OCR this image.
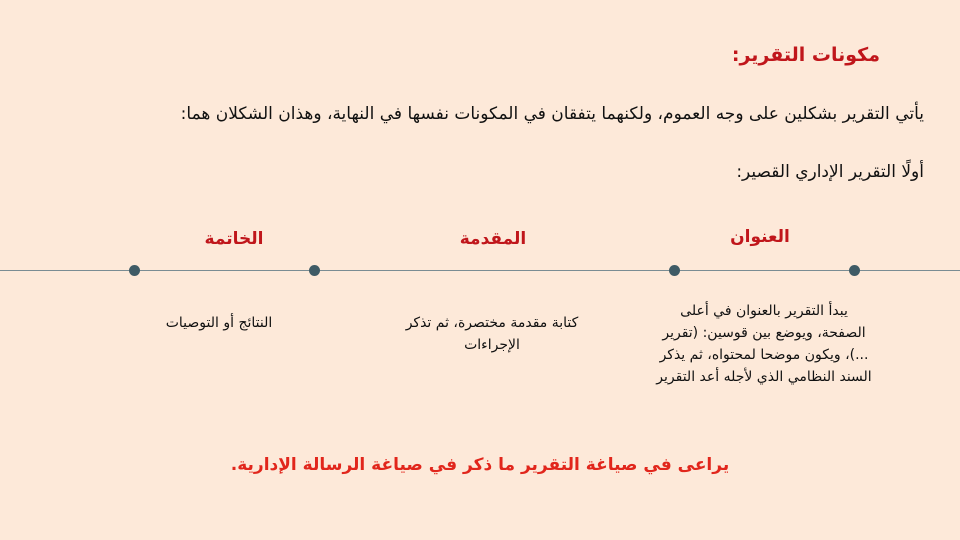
مكونات التقرير:
يأتي التقرير بشكلين على وجه العموم، ولكنهما يتفقان في المكونات نفسها في النهاية، وهذان الشكلان هما:
أولًا التقرير الإداري القصير:
العنوان
يبدأ التقرير بالعنوان في أعلى الصفحة، ويوضع بين قوسين: (تقرير ...)، ويكون موضحا لمحتواه، ثم يذكر السند النظامي الذي لأجله أعد التقرير
المقدمة
كتابة مقدمة مختصرة، ثم تذكر الإجراءات
الخاتمة
النتائج أو التوصيات
يراعى في صياغة التقرير ما ذكر في صياغة الرسالة الإدارية.
